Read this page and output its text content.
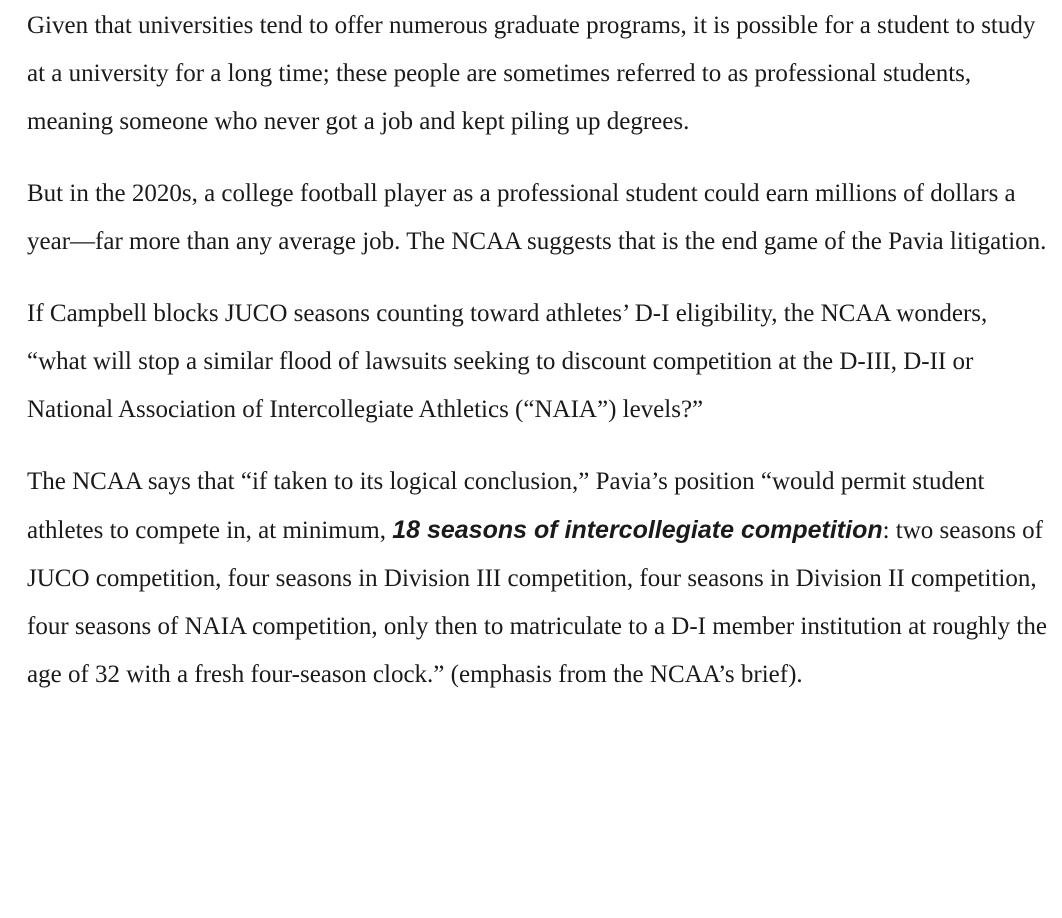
Given that universities tend to offer numerous graduate programs, it is possible for a student to study at a university for a long time; these people are sometimes referred to as professional students, meaning someone who never got a job and kept piling up degrees.

But in the 2020s, a college football player as a professional student could earn millions of dollars a year—far more than any average job. The NCAA suggests that is the end game of the Pavia litigation.

If Campbell blocks JUCO seasons counting toward athletes’ D-I eligibility, the NCAA wonders, “what will stop a similar flood of lawsuits seeking to discount competition at the D-III, D-II or National Association of Intercollegiate Athletics (“NAIA”) levels?”

The NCAA says that “if taken to its logical conclusion,” Pavia’s position “would permit student athletes to compete in, at minimum, 18 seasons of intercollegiate competition: two seasons of JUCO competition, four seasons in Division III competition, four seasons in Division II competition, four seasons of NAIA competition, only then to matriculate to a D-I member institution at roughly the age of 32 with a fresh four-season clock.” (emphasis from the NCAA’s brief).
